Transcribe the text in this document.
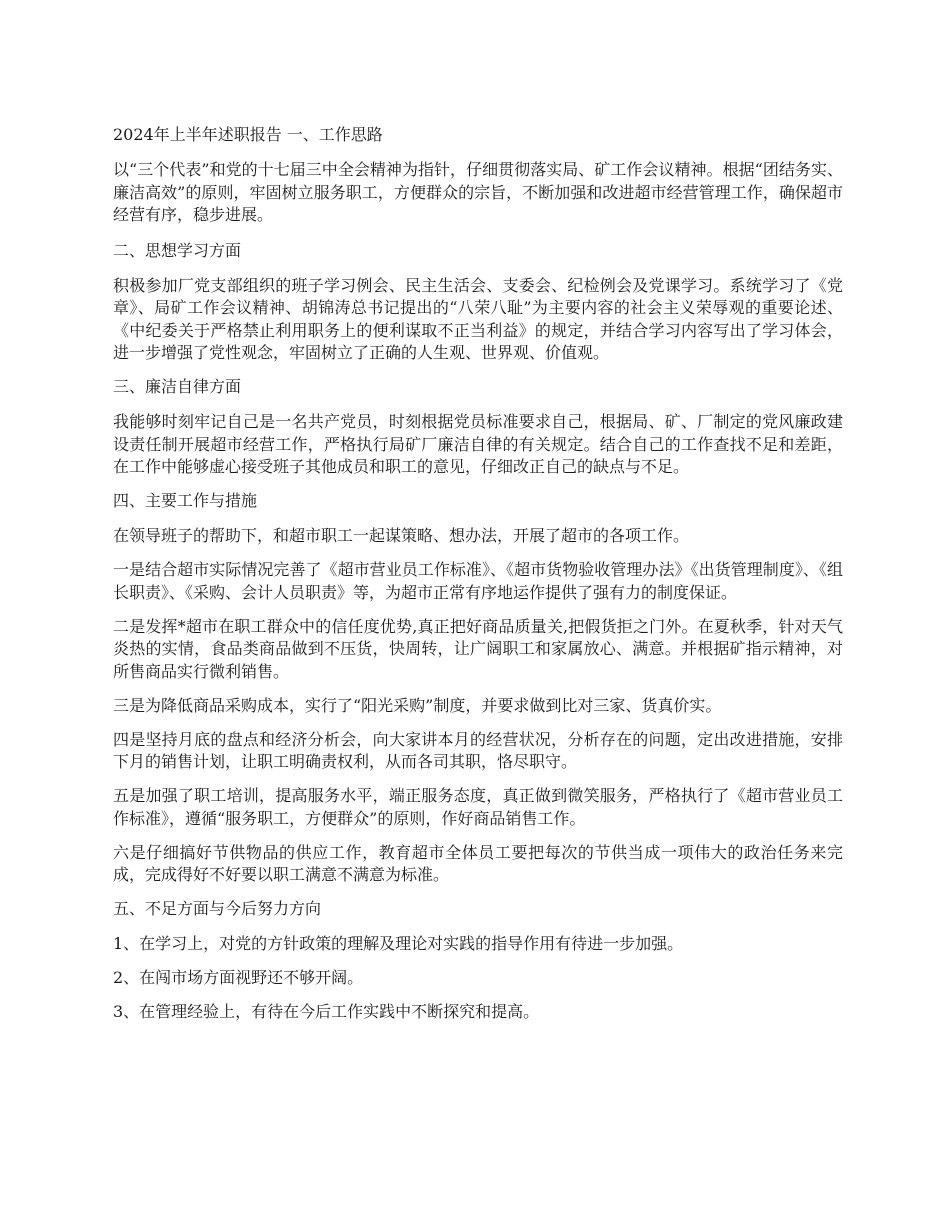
2024年上半年述职报告 一、工作思路

以“三个代表”和党的十七届三中全会精神为指针，仔细贯彻落实局、矿工作会议精神。根据“团结务实、廉洁高效”的原则，牢固树立服务职工，方便群众的宗旨，不断加强和改进超市经营管理工作，确保超市经营有序，稳步进展。

二、思想学习方面

积极参加厂党支部组织的班子学习例会、民主生活会、支委会、纪检例会及党课学习。系统学习了《党章》、局矿工作会议精神、胡锦涛总书记提出的“八荣八耻”为主要内容的社会主义荣辱观的重要论述、《中纪委关于严格禁止利用职务上的便利谋取不正当利益》的规定，并结合学习内容写出了学习体会，进一步增强了党性观念，牢固树立了正确的人生观、世界观、价值观。

三、廉洁自律方面

我能够时刻牢记自己是一名共产党员，时刻根据党员标准要求自己，根据局、矿、厂制定的党风廉政建设责任制开展超市经营工作，严格执行局矿厂廉洁自律的有关规定。结合自己的工作查找不足和差距，在工作中能够虚心接受班子其他成员和职工的意见，仔细改正自己的缺点与不足。

四、主要工作与措施

在领导班子的帮助下，和超市职工一起谋策略、想办法，开展了超市的各项工作。

一是结合超市实际情况完善了《超市营业员工作标准》、《超市货物验收管理办法》《出货管理制度》、《组长职责》、《采购、会计人员职责》等，为超市正常有序地运作提供了强有力的制度保证。

二是发挥*超市在职工群众中的信任度优势,真正把好商品质量关,把假货拒之门外。在夏秋季，针对天气炎热的实情，食品类商品做到不压货，快周转，让广阔职工和家属放心、满意。并根据矿指示精神，对所售商品实行微利销售。

三是为降低商品采购成本，实行了“阳光采购”制度，并要求做到比对三家、货真价实。

四是坚持月底的盘点和经济分析会，向大家讲本月的经营状况，分析存在的问题，定出改进措施，安排下月的销售计划，让职工明确责权利，从而各司其职，恪尽职守。

五是加强了职工培训，提高服务水平，端正服务态度，真正做到微笑服务，严格执行了《超市营业员工作标准》，遵循“服务职工，方便群众”的原则，作好商品销售工作。

六是仔细搞好节供物品的供应工作，教育超市全体员工要把每次的节供当成一项伟大的政治任务来完成，完成得好不好要以职工满意不满意为标准。

五、不足方面与今后努力方向

1、在学习上，对党的方针政策的理解及理论对实践的指导作用有待进一步加强。

2、在闯市场方面视野还不够开阔。

3、在管理经验上，有待在今后工作实践中不断探究和提高。
